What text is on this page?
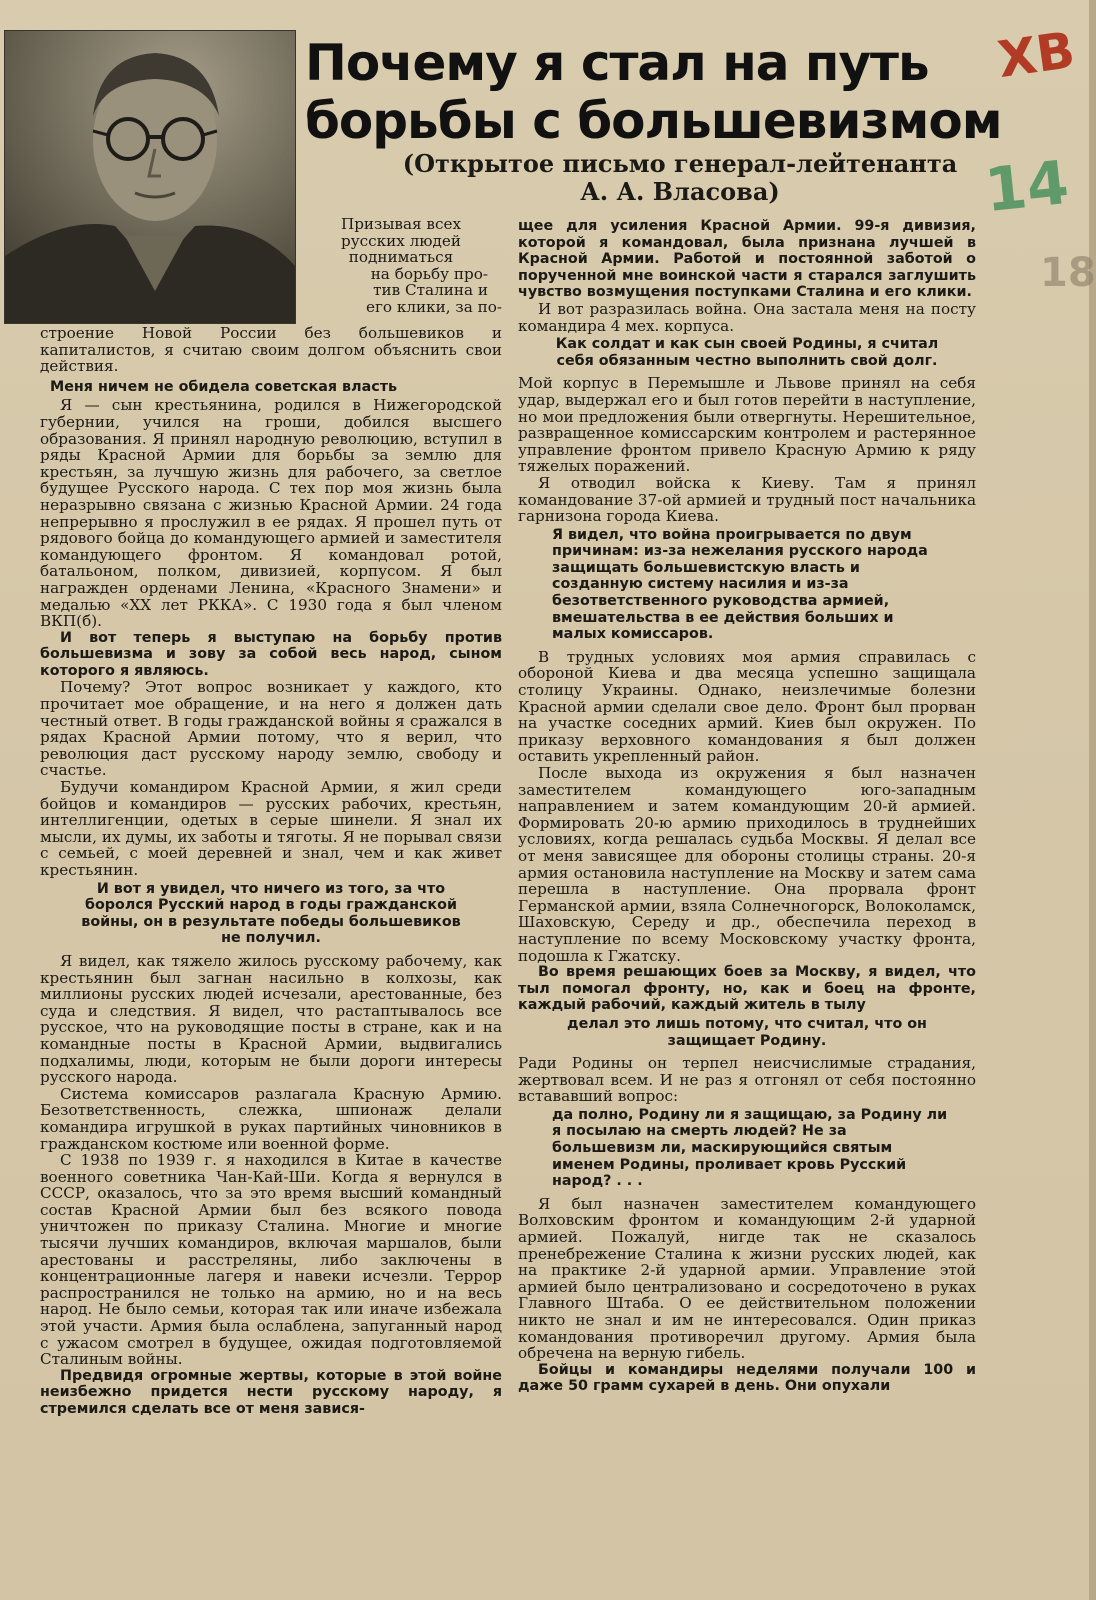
Почему я стал на путь
борьбы с большевизмом
(Открытое письмо генерал-лейтенанта
А. А. Власова)
XB
14
18

Призывая всех

русских людей

подниматься

на борьбу про-

тив Сталина и

его клики, за по-

строение Новой России без большевиков и капиталистов, я считаю своим долгом объяснить свои действия.

Меня ничем не обидела советская власть

Я — сын крестьянина, родился в Нижегородской губернии, учился на гроши, добился высшего образования. Я принял народную революцию, вступил в ряды Красной Армии для борьбы за землю для крестьян, за лучшую жизнь для рабочего, за светлое будущее Русского народа. С тех пор моя жизнь была неразрывно связана с жизнью Красной Армии. 24 года непрерывно я прослужил в ее рядах. Я прошел путь от рядового бойца до командующего армией и заместителя командующего фронтом. Я командовал ротой, батальоном, полком, дивизией, корпусом. Я был награжден орденами Ленина, «Красного Знамени» и медалью «XX лет РККА». С 1930 года я был членом ВКП(б).

И вот теперь я выступаю на борьбу против большевизма и зову за собой весь народ, сыном которого я являюсь.

Почему? Этот вопрос возникает у каждого, кто прочитает мое обращение, и на него я должен дать честный ответ. В годы гражданской войны я сражался в рядах Красной Армии потому, что я верил, что революция даст русскому народу землю, свободу и счастье.

Будучи командиром Красной Армии, я жил среди бойцов и командиров — русских рабочих, крестьян, интеллигенции, одетых в серые шинели. Я знал их мысли, их думы, их заботы и тяготы. Я не порывал связи с семьей, с моей деревней и знал, чем и как живет крестьянин.

И вот я увидел, что ничего из того, за что боролся Русский народ в годы гражданской войны, он в результате победы большевиков не получил.

Я видел, как тяжело жилось русскому рабочему, как крестьянин был загнан насильно в колхозы, как миллионы русских людей исчезали, арестованные, без суда и следствия. Я видел, что растаптывалось все русское, что на руководящие посты в стране, как и на командные посты в Красной Армии, выдвигались подхалимы, люди, которым не были дороги интересы русского народа.

Система комиссаров разлагала Красную Армию. Безответственность, слежка, шпионаж делали командира игрушкой в руках партийных чиновников в гражданском костюме или военной форме.

С 1938 по 1939 г. я находился в Китае в качестве военного советника Чан-Кай-Ши. Когда я вернулся в СССР, оказалось, что за это время высший командный состав Красной Армии был без всякого повода уничтожен по приказу Сталина. Многие и многие тысячи лучших командиров, включая маршалов, были арестованы и расстреляны, либо заключены в концентрационные лагеря и навеки исчезли. Террор распространился не только на армию, но и на весь народ. Не было семьи, которая так или иначе избежала этой участи. Армия была ослаблена, запуганный народ с ужасом смотрел в будущее, ожидая подготовляемой Сталиным войны.

Предвидя огромные жертвы, которые в этой войне неизбежно придется нести русскому народу, я стремился сделать все от меня завися-

щее для усиления Красной Армии. 99-я дивизия, которой я командовал, была признана лучшей в Красной Армии. Работой и постоянной заботой о порученной мне воинской части я старался заглушить чувство возмущения поступками Сталина и его клики.

И вот разразилась война. Она застала меня на посту командира 4 мех. корпуса.

Как солдат и как сын своей Родины, я считал себя обязанным честно выполнить свой долг.

Мой корпус в Перемышле и Львове принял на себя удар, выдержал его и был готов перейти в наступление, но мои предложения были отвергнуты. Нерешительное, развращенное комиссарским контролем и растерянное управление фронтом привело Красную Армию к ряду тяжелых поражений.

Я отводил войска к Киеву. Там я принял командование 37-ой армией и трудный пост начальника гарнизона города Киева.

Я видел, что война проигрывается по двум причинам: из-за нежелания русского народа защищать большевистскую власть и созданную систему насилия и из-за безответственного руководства армией, вмешательства в ее действия больших и малых комиссаров.

В трудных условиях моя армия справилась с обороной Киева и два месяца успешно защищала столицу Украины. Однако, неизлечимые болезни Красной армии сделали свое дело. Фронт был прорван на участке соседних армий. Киев был окружен. По приказу верховного командования я был должен оставить укрепленный район.

После выхода из окружения я был назначен заместителем командующего юго-западным направлением и затем командующим 20-й армией. Формировать 20-ю армию приходилось в труднейших условиях, когда решалась судьба Москвы. Я делал все от меня зависящее для обороны столицы страны. 20-я армия остановила наступление на Москву и затем сама перешла в наступление. Она прорвала фронт Германской армии, взяла Солнечногорск, Волоколамск, Шаховскую, Середу и др., обеспечила переход в наступление по всему Московскому участку фронта, подошла к Гжатску.

Во время решающих боев за Москву, я видел, что тыл помогал фронту, но, как и боец на фронте, каждый рабочий, каждый житель в тылу

делал это лишь потому, что считал, что он защищает Родину.

Ради Родины он терпел неисчислимые страдания, жертвовал всем. И не раз я отгонял от себя постоянно встававший вопрос:

да полно, Родину ли я защищаю, за Родину ли я посылаю на смерть людей? Не за большевизм ли, маскирующийся святым именем Родины, проливает кровь Русский народ? . . .

Я был назначен заместителем командующего Волховским фронтом и командующим 2-й ударной армией. Пожалуй, нигде так не сказалось пренебрежение Сталина к жизни русских людей, как на практике 2-й ударной армии. Управление этой армией было централизовано и сосредоточено в руках Главного Штаба. О ее действительном положении никто не знал и им не интересовался. Один приказ командования противоречил другому. Армия была обречена на верную гибель.

Бойцы и командиры неделями получали 100 и даже 50 грамм сухарей в день. Они опухали
